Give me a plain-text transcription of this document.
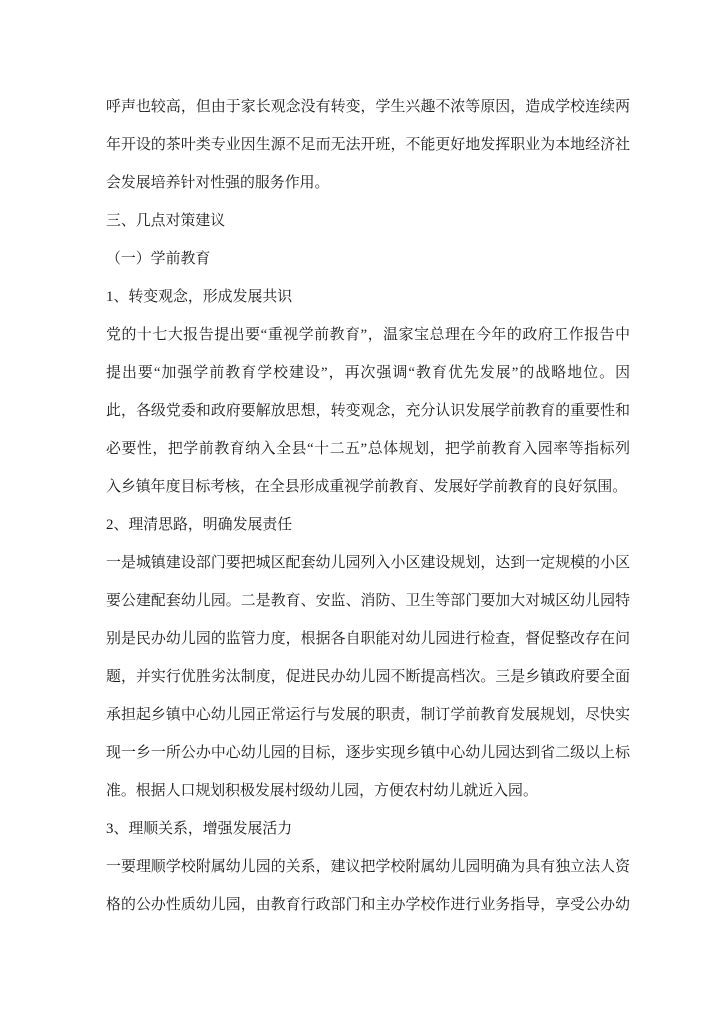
呼声也较高，但由于家长观念没有转变，学生兴趣不浓等原因，造成学校连续两
年开设的茶叶类专业因生源不足而无法开班，不能更好地发挥职业为本地经济社
会发展培养针对性强的服务作用。
三、几点对策建议
（一）学前教育
1、转变观念，形成发展共识
党的十七大报告提出要“重视学前教育”，温家宝总理在今年的政府工作报告中
提出要“加强学前教育学校建设”，再次强调“教育优先发展”的战略地位。因
此，各级党委和政府要解放思想，转变观念，充分认识发展学前教育的重要性和
必要性，把学前教育纳入全县“十二五”总体规划，把学前教育入园率等指标列
入乡镇年度目标考核，在全县形成重视学前教育、发展好学前教育的良好氛围。
2、理清思路，明确发展责任
一是城镇建设部门要把城区配套幼儿园列入小区建设规划，达到一定规模的小区
要公建配套幼儿园。二是教育、安监、消防、卫生等部门要加大对城区幼儿园特
别是民办幼儿园的监管力度，根据各自职能对幼儿园进行检查，督促整改存在问
题，并实行优胜劣汰制度，促进民办幼儿园不断提高档次。三是乡镇政府要全面
承担起乡镇中心幼儿园正常运行与发展的职责，制订学前教育发展规划，尽快实
现一乡一所公办中心幼儿园的目标，逐步实现乡镇中心幼儿园达到省二级以上标
准。根据人口规划积极发展村级幼儿园，方便农村幼儿就近入园。
3、理顺关系，增强发展活力
一要理顺学校附属幼儿园的关系，建议把学校附属幼儿园明确为具有独立法人资
格的公办性质幼儿园，由教育行政部门和主办学校作进行业务指导，享受公办幼
